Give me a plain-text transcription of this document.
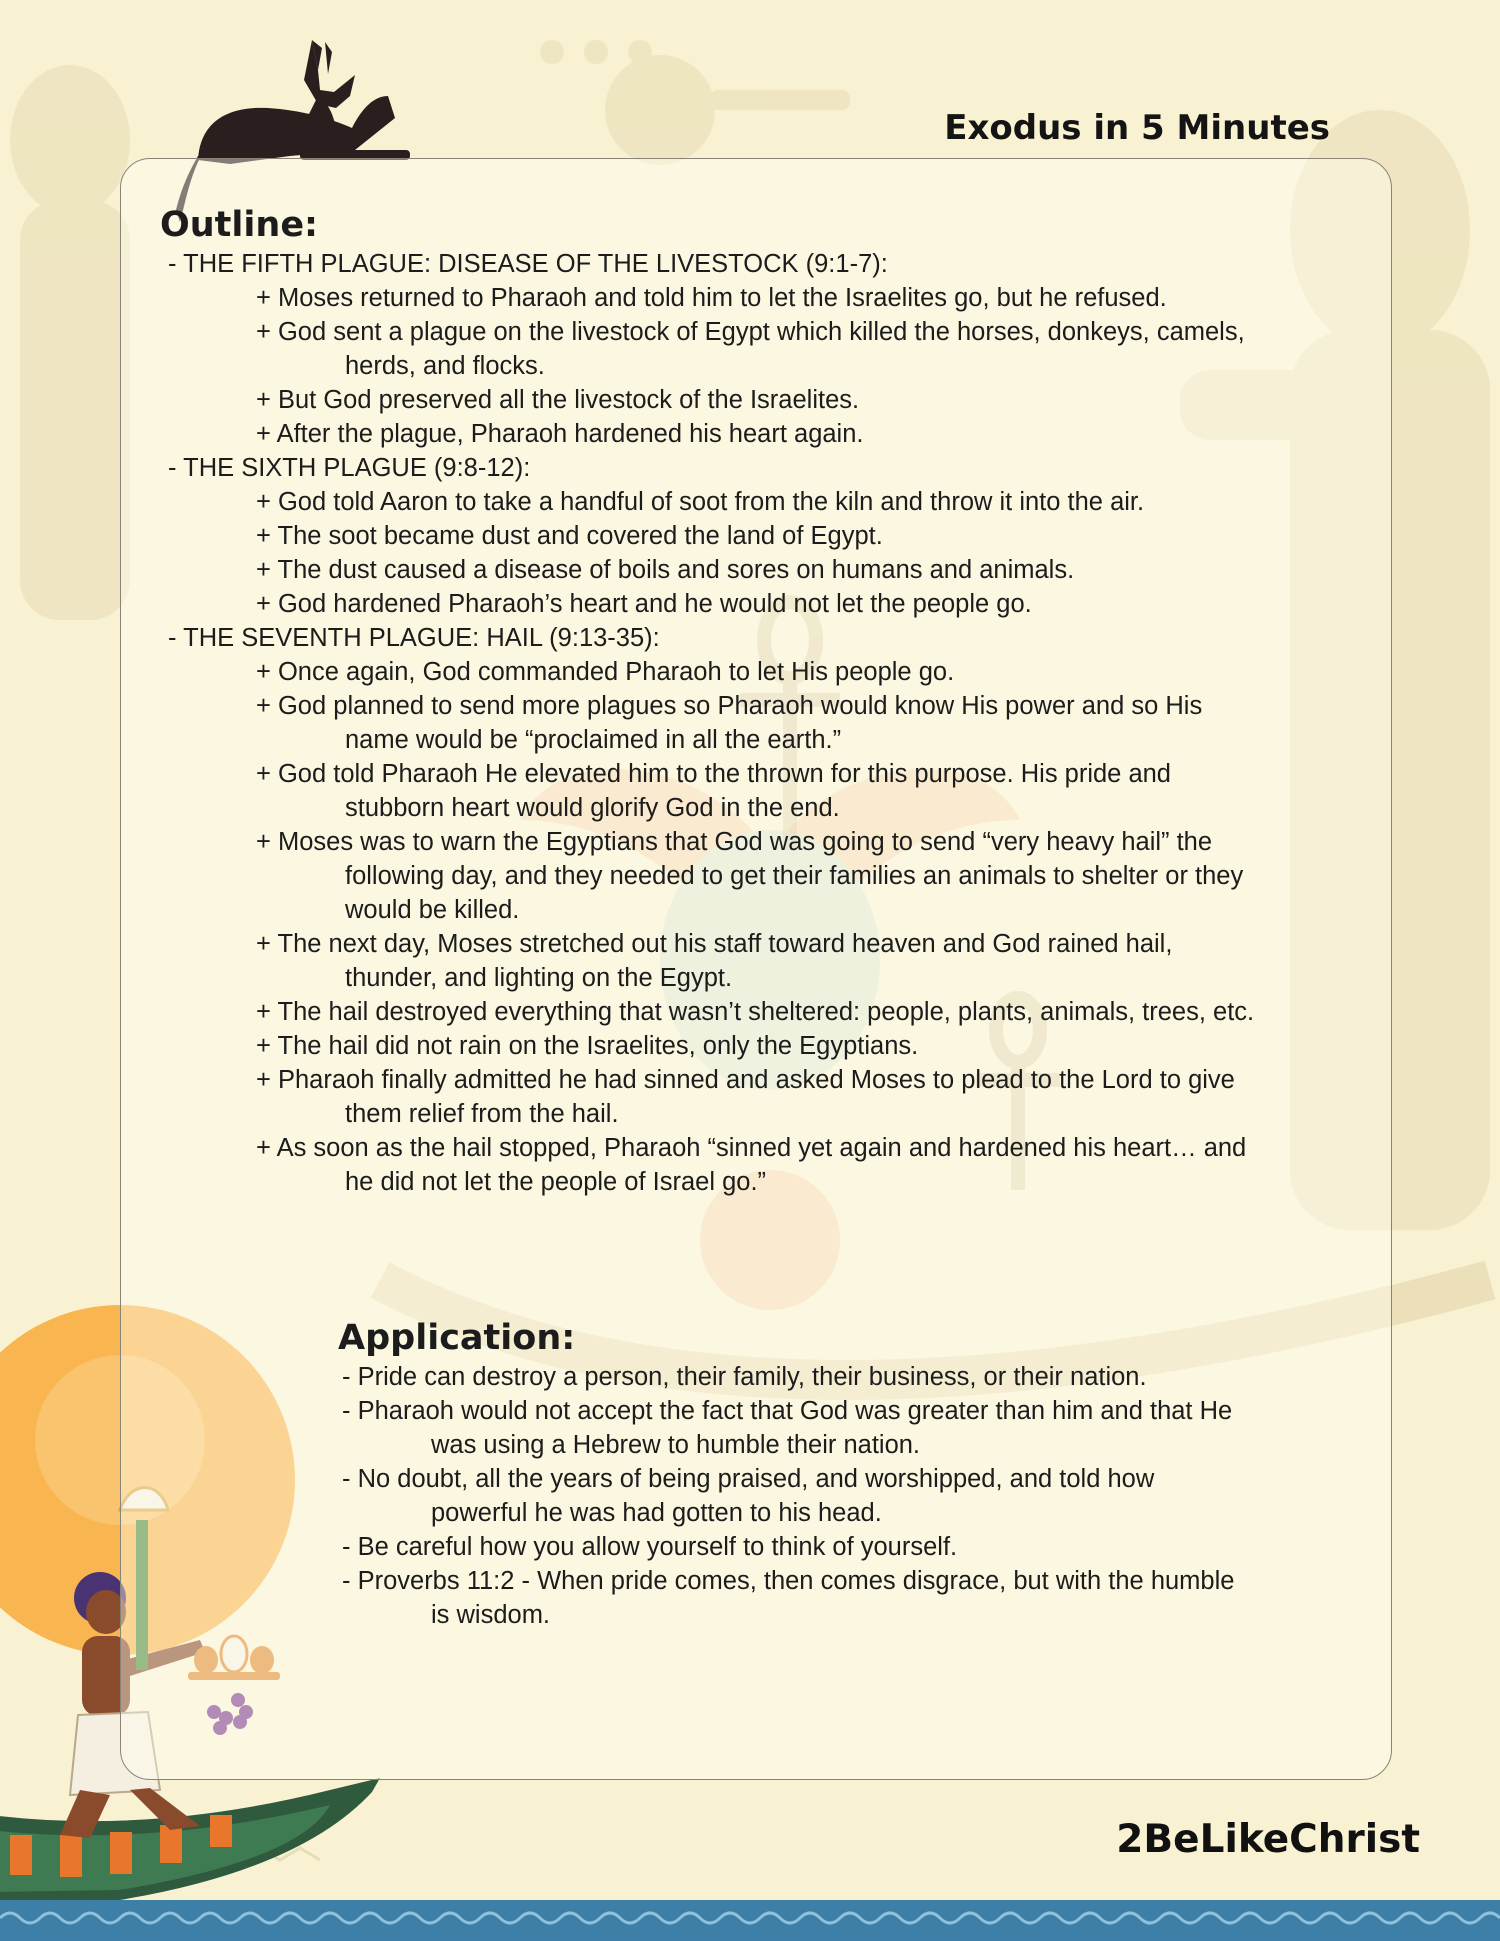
Exodus in 5 Minutes
Outline:
- THE FIFTH PLAGUE: DISEASE OF THE LIVESTOCK (9:1-7):
+ Moses returned to Pharaoh and told him to let the Israelites go, but he refused.
+ God sent a plague on the livestock of Egypt which killed the horses, donkeys, camels,
herds, and flocks.
+ But God preserved all the livestock of the Israelites.
+ After the plague, Pharaoh hardened his heart again.
- THE SIXTH PLAGUE (9:8-12):
+ God told Aaron to take a handful of soot from the kiln and throw it into the air.
+ The soot became dust and covered the land of Egypt.
+ The dust caused a disease of boils and sores on humans and animals.
+ God hardened Pharaoh’s heart and he would not let the people go.
- THE SEVENTH PLAGUE: HAIL (9:13-35):
+ Once again, God commanded Pharaoh to let His people go.
+ God planned to send more plagues so Pharaoh would know His power and so His
name would be “proclaimed in all the earth.”
+ God told Pharaoh He elevated him to the thrown for this purpose. His pride and
stubborn heart would glorify God in the end.
+ Moses was to warn the Egyptians that God was going to send “very heavy hail” the
following day, and they needed to get their families an animals to shelter or they
would be killed.
+ The next day, Moses stretched out his staff toward heaven and God rained hail,
thunder, and lighting on the Egypt.
+ The hail destroyed everything that wasn’t sheltered: people, plants, animals, trees, etc.
+ The hail did not rain on the Israelites, only the Egyptians.
+ Pharaoh finally admitted he had sinned and asked Moses to plead to the Lord to give
them relief from the hail.
+ As soon as the hail stopped, Pharaoh “sinned yet again and hardened his heart… and
he did not let the people of Israel go.”
Application:
- Pride can destroy a person, their family, their business, or their nation.
- Pharaoh would not accept the fact that God was greater than him and that He
was using a Hebrew to humble their nation.
- No doubt, all the years of being praised, and worshipped, and told how
powerful he was had gotten to his head.
- Be careful how you allow yourself to think of yourself.
- Proverbs 11:2 - When pride comes, then comes disgrace, but with the humble
is wisdom.
2BeLikeChrist
